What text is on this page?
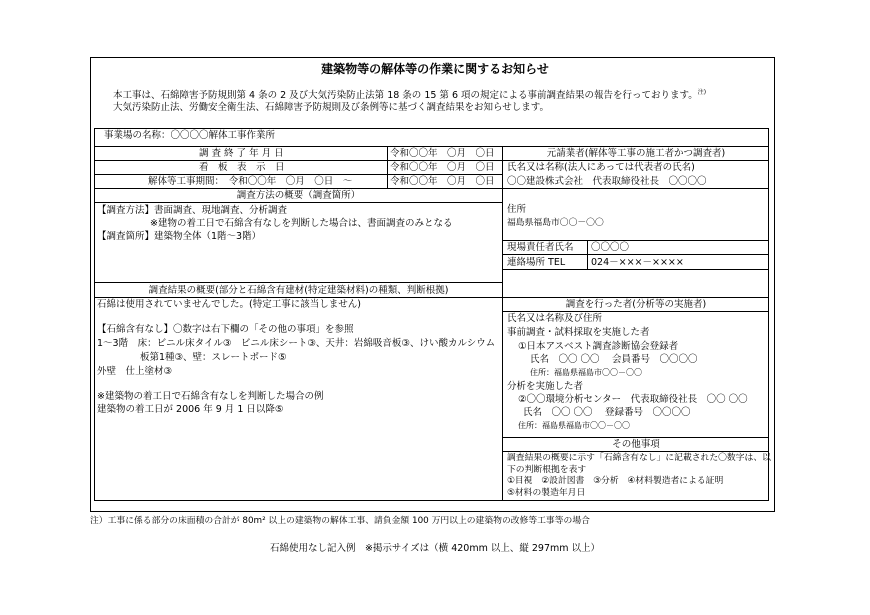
建築物等の解体等の作業に関するお知らせ
本工事は、石綿障害予防規則第 4 条の 2 及び大気汚染防止法第 18 条の 15 第 6 項の規定による事前調査結果の報告を行っております。$^{注)}$
大気汚染防止法、労働安全衛生法、石綿障害予防規則及び条例等に基づく調査結果をお知らせします。
事業場の名称：〇〇〇〇解体工事作業所
調 査 終 了 年 月 日	令和〇〇年　〇月　〇日
看　板　表　示　日	令和〇〇年　〇月　〇日
解体等工事期間：　令和〇〇年　〇月　〇日　～	令和〇〇年　〇月　〇日
調査方法の概要（調査箇所）
【調査方法】書面調査、現地調査、分析調査
※建物の着工日で石綿含有なしを判断した場合は、書面調査のみとなる
【調査箇所】建築物全体（1階～3階）
調査結果の概要(部分と石綿含有建材(特定建築材料)の種類、判断根拠)
石綿は使用されていませんでした。(特定工事に該当しません)
【石綿含有なし】〇数字は右下欄の「その他の事項」を参照
1～3階　床：ビニル床タイル③　ビニル床シート③、天井：岩綿吸音板③、けい酸カルシウム
板第1種③、壁：スレートボード⑤
外壁　仕上塗材③
※建築物の着工日で石綿含有なしを判断した場合の例
建築物の着工日が 2006 年 9 月 1 日以降⑤
元請業者(解体等工事の施工者かつ調査者)
氏名又は名称(法人にあっては代表者の氏名)
〇〇建設株式会社　代表取締役社長　〇〇〇〇
住所
福島県福島市〇〇－〇〇
現場責任者氏名 〇〇〇〇
連絡場所 TEL	024－×××－××××
調査を行った者(分析等の実施者)
氏名又は名称及び住所
事前調査・試料採取を実施した者
①日本アスベスト調査診断協会登録者
氏名　〇〇 〇〇　 会員番号　〇〇〇〇
住所：福島県福島市〇〇－〇〇
分析を実施した者
②〇〇環境分析センター　代表取締役社長　〇〇 〇〇
氏名　〇〇 〇〇　 登録番号　〇〇〇〇
住所：福島県福島市〇〇－〇〇
その他事項
調査結果の概要に示す「石綿含有なし」に記載された〇数字は、以
下の判断根拠を表す
①目視　②設計図書　③分析　④材料製造者による証明
⑤材料の製造年月日
注）工事に係る部分の床面積の合計が 80m² 以上の建築物の解体工事、請負金額 100 万円以上の建築物の改修等工事等の場合
石綿使用なし記入例　※掲示サイズは（横 420mm 以上、縦 297mm 以上）
